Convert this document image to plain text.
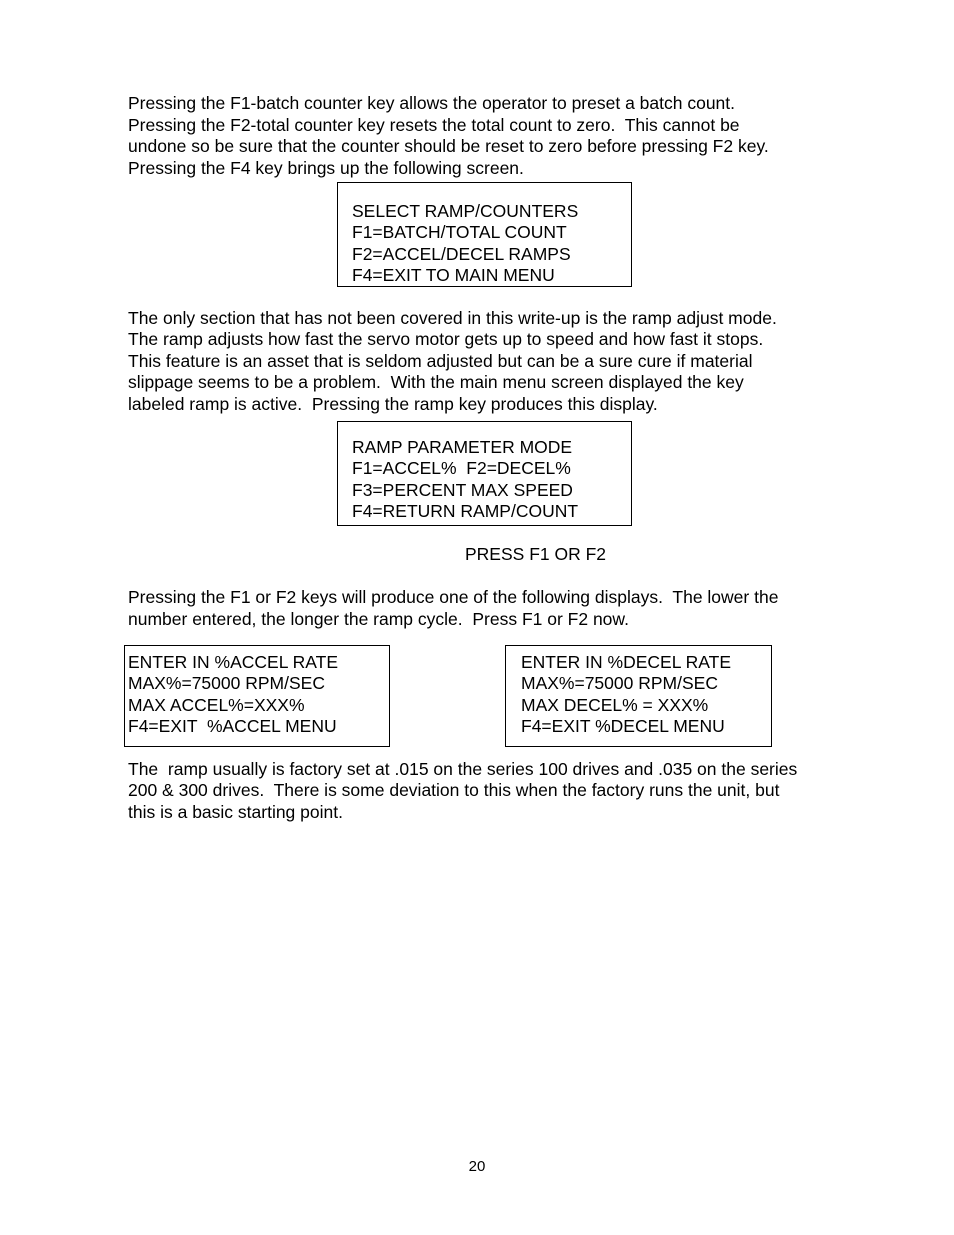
Pressing the F1-batch counter key allows the operator to preset a batch count.
Pressing the F2-total counter key resets the total count to zero.  This cannot be
undone so be sure that the counter should be reset to zero before pressing F2 key.
Pressing the F4 key brings up the following screen.
SELECT RAMP/COUNTERS
F1=BATCH/TOTAL COUNT
F2=ACCEL/DECEL RAMPS
F4=EXIT TO MAIN MENU
The only section that has not been covered in this write-up is the ramp adjust mode.
The ramp adjusts how fast the servo motor gets up to speed and how fast it stops.
This feature is an asset that is seldom adjusted but can be a sure cure if material
slippage seems to be a problem.  With the main menu screen displayed the key
labeled ramp is active.  Pressing the ramp key produces this display.
RAMP PARAMETER MODE
F1=ACCEL%  F2=DECEL%
F3=PERCENT MAX SPEED
F4=RETURN RAMP/COUNT
PRESS F1 OR F2
Pressing the F1 or F2 keys will produce one of the following displays.  The lower the
number entered, the longer the ramp cycle.  Press F1 or F2 now.
ENTER IN %ACCEL RATE
MAX%=75000 RPM/SEC
MAX ACCEL%=XXX%
F4=EXIT  %ACCEL MENU
ENTER IN %DECEL RATE
MAX%=75000 RPM/SEC
MAX DECEL% = XXX%
F4=EXIT %DECEL MENU
The  ramp usually is factory set at .015 on the series 100 drives and .035 on the series
200 & 300 drives.  There is some deviation to this when the factory runs the unit, but
this is a basic starting point.
20
